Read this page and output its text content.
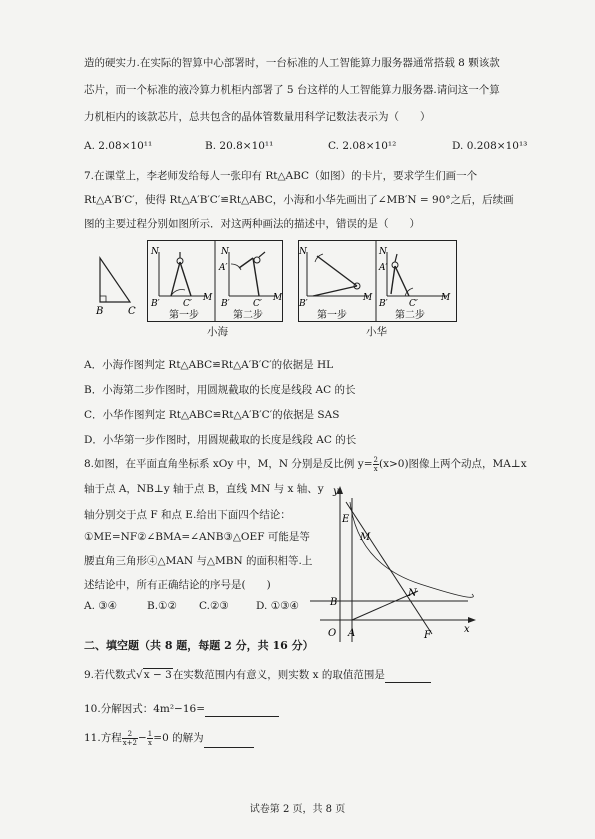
造的硬实力.在实际的智算中心部署时，一台标准的人工智能算力服务器通常搭载 8 颗该款
芯片，而一个标准的液冷算力机柜内部署了 5 台这样的人工智能算力服务器.请问这一个算
力机柜内的该款芯片，总共包含的晶体管数量用科学记数法表示为（　　）
A. 2.08×10¹¹	B. 20.8×10¹¹	C. 2.08×10¹²	D. 0.208×10¹³
7.在课堂上，李老师发给每人一张印有 Rt△ABC（如图）的卡片，要求学生们画一个
Rt△A′B′C′，使得 Rt△A′B′C′≌Rt△ABC，小海和小华先画出了∠MB′N = 90°之后，后续画
图的主要过程分别如图所示．对这两种画法的描述中，错误的是（　　）
B C
N
B′	C′
M
第一步
N
A′
B′	C′
M
第二步
N
B′
M
第一步
N
A′
B′ C′
M
第二步
小海	小华
A．小海作图判定 Rt△ABC≌Rt△A′B′C′的依据是 HL
B．小海第二步作图时，用圆规截取的长度是线段 AC 的长
C．小华作图判定 Rt△ABC≌Rt△A′B′C′的依据是 SAS
D．小华第一步作图时，用圆规截取的长度是线段 AC 的长
8.如图，在平面直角坐标系 xOy 中，M，N 分别是反比例 $y= \frac{2}{x} (x>0)$图像上两个动点，MA⊥x
轴于点 A，NB⊥y 轴于点 B，直线 MN 与 x 轴、y
轴分别交于点 F 和点 E.给出下面四个结论：
①ME=NF②∠BMA=∠ANB③△OEF 可能是等
腰直角三角形④△MAN 与△MBN 的面积相等.上
述结论中，所有正确结论的序号是(　　)
A. ③④	B.①② C.②③	D. ①③④
y
x
O A
B
E
M
N
F
二、填空题（共 8 题，每题 2 分，共 16 分）
9.若代数式√x − 3在实数范围内有意义，则实数 x 的取值范围是
10.分解因式：4m²−16=
11.方程 $\frac{2}{x+2} - \frac{1}{x} =0$ 的解为
试卷第 2 页，共 8 页
